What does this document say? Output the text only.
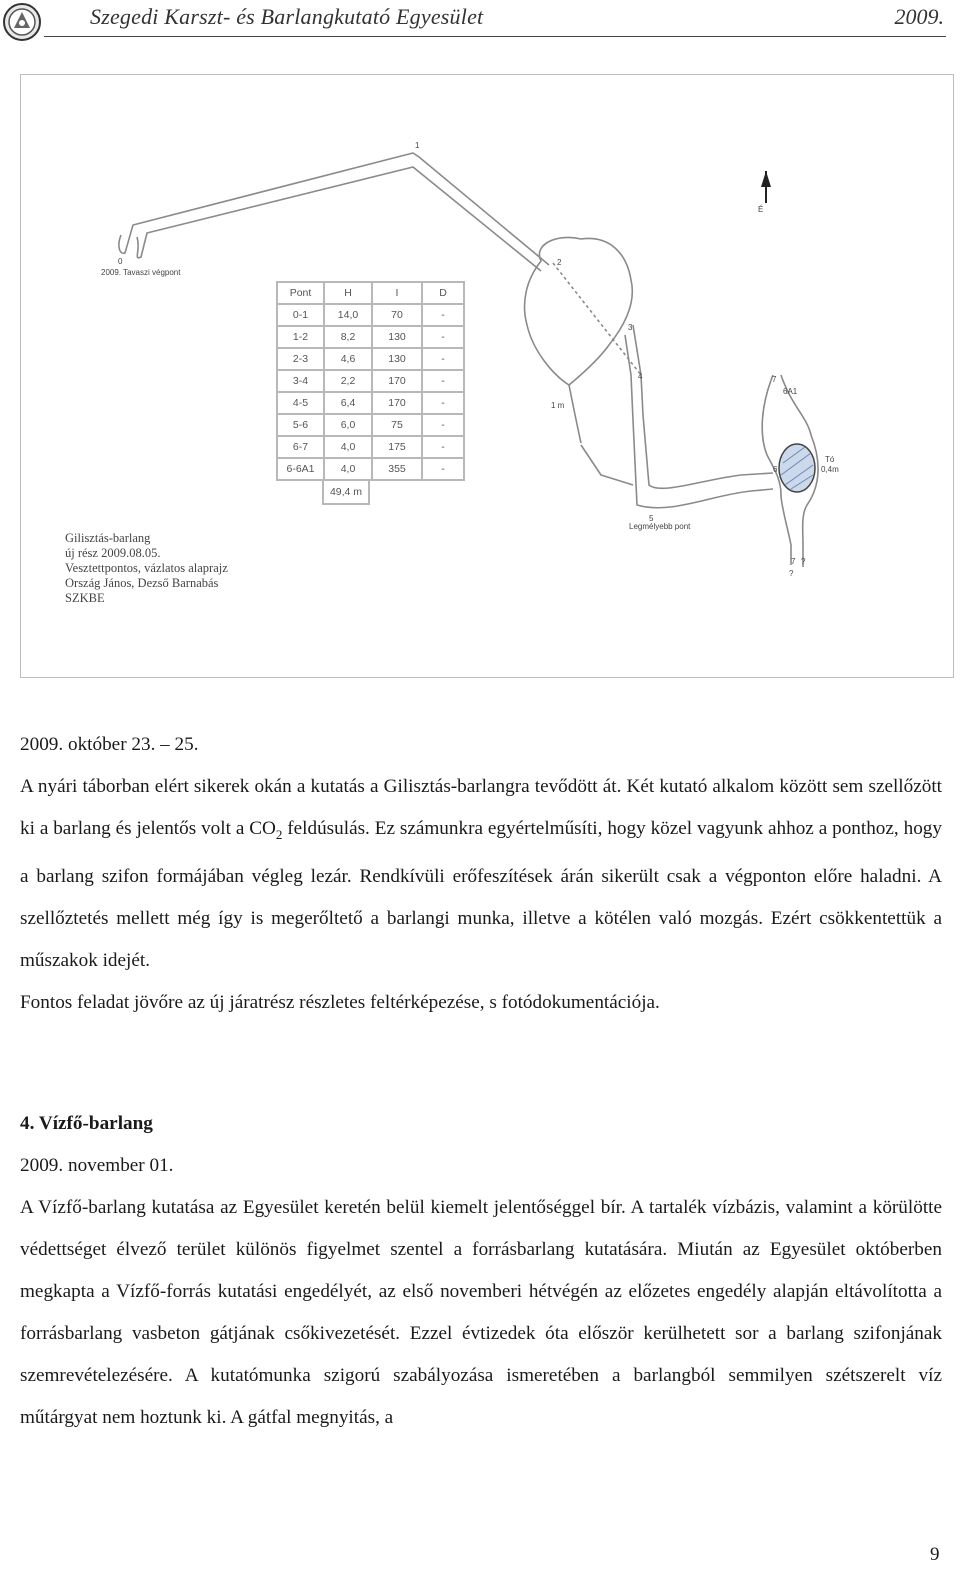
Szegedi Karszt- és Barlangkutató Egyesület	2009.
É
0
2009. Tavaszi végpont
1
2
3
4
1 m
5
Legmélyebb pont
7
6A1
6
Tó
0,4m
7 ?
?
Pont	H	I	D
0-1	14,0	70	-
1-2	8,2	130	-
2-3	4,6	130	-
3-4	2,2	170	-
4-5	6,4	170	-
5-6	6,0	75	-
6-7	4,0	175	-
6-6A1	4,0	355	-
49,4 m
Gilisztás-barlang
új rész 2009.08.05.
Vesztettpontos, vázlatos alaprajz
Ország János, Dezső Barnabás
SZKBE

2009. október 23. – 25.

A nyári táborban elért sikerek okán a kutatás a Gilisztás-barlangra tevődött át. Két kutató alkalom között sem szellőzött ki a barlang és jelentős volt a $CO_2$ feldúsulás. Ez számunkra egyértelműsíti, hogy közel vagyunk ahhoz a ponthoz, hogy a barlang szifon formájában végleg lezár. Rendkívüli erőfeszítések árán sikerült csak a végponton előre haladni. A szellőztetés mellett még így is megerőltető a barlangi munka, illetve a kötélen való mozgás. Ezért csökkentettük a műszakok idejét.

Fontos feladat jövőre az új járatrész részletes feltérképezése, s fotódokumentációja.

4. Vízfő-barlang

2009. november 01.

A Vízfő-barlang kutatása az Egyesület keretén belül kiemelt jelentőséggel bír. A tartalék vízbázis, valamint a körülötte védettséget élvező terület különös figyelmet szentel a forrásbarlang kutatására. Miután az Egyesület októberben megkapta a Vízfő-forrás kutatási engedélyét, az első novemberi hétvégén az előzetes engedély alapján eltávolította a forrásbarlang vasbeton gátjának csőkivezetését. Ezzel évtizedek óta először kerülhetett sor a barlang szifonjának szemrevételezésére. A kutatómunka szigorú szabályozása ismeretében a barlangból semmilyen szétszerelt víz műtárgyat nem hoztunk ki. A gátfal megnyitás, a

9
